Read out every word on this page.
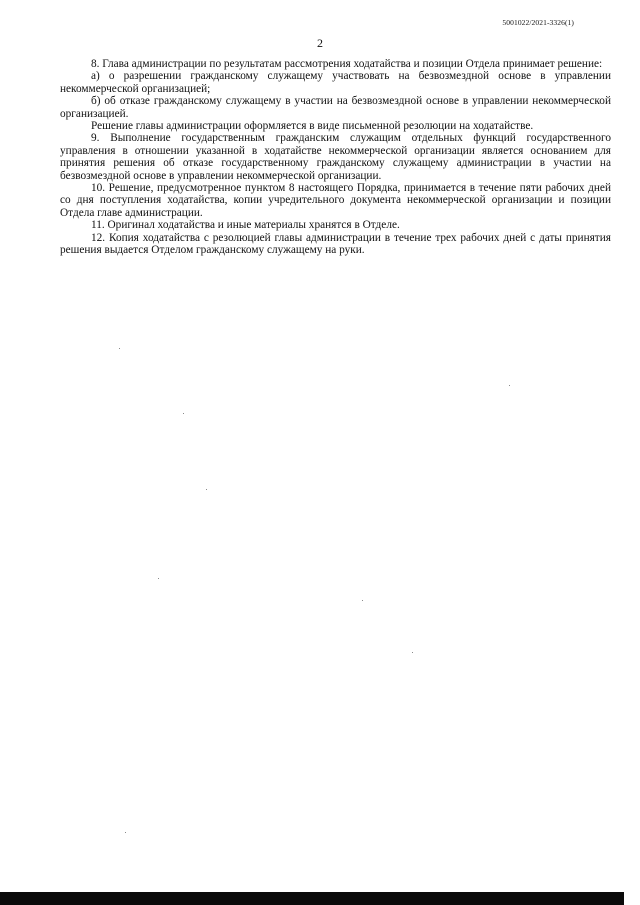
5001022/2021-3326(1)
2

8. Глава администрации по результатам рассмотрения ходатайства и позиции Отдела принимает решение:

а) о разрешении гражданскому служащему участвовать на безвозмездной основе в управлении некоммерческой организацией;

б) об отказе гражданскому служащему в участии на безвозмездной основе в управлении некоммерческой организацией.

Решение главы администрации оформляется в виде письменной резолюции на ходатайстве.

9. Выполнение государственным гражданским служащим отдельных функций государственного управления в отношении указанной в ходатайстве некоммерческой организации является основанием для принятия решения об отказе государственному гражданскому служащему администрации в участии на безвозмездной основе в управлении некоммерческой организации.

10. Решение, предусмотренное пунктом 8 настоящего Порядка, принимается в течение пяти рабочих дней со дня поступления ходатайства, копии учредительного документа некоммерческой организации и позиции Отдела главе администрации.

11. Оригинал ходатайства и иные материалы хранятся в Отделе.

12. Копия ходатайства с резолюцией главы администрации в течение трех рабочих дней с даты принятия решения выдается Отделом гражданскому служащему на руки.
